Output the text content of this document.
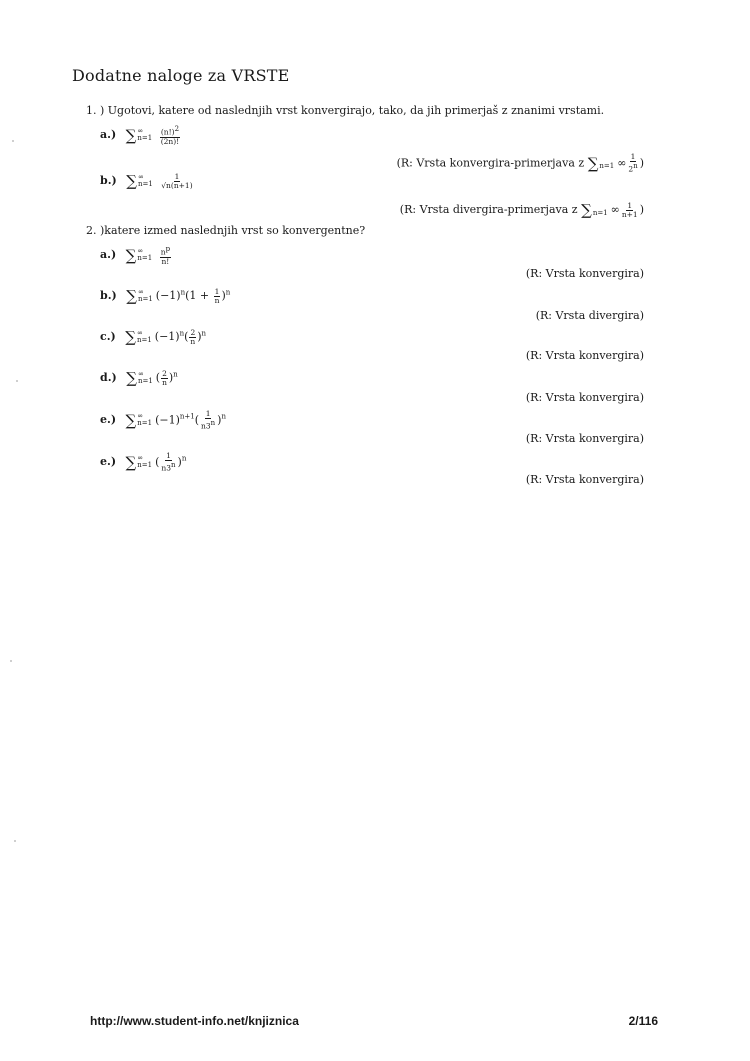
Dodatne naloge za VRSTE
1. ) Ugotovi, katere od naslednjih vrst konvergirajo, tako, da jih primerjaš z znanimi vrstami.
a.) ∑ ∞
n=1
$\frac{(n!)^2}{(2n)!}$
(R: Vrsta konvergira-primerjava z ∑
n=1 ∞ $\frac{1}{2^n}$ )
b.) ∑ ∞
n=1
$\frac{1}{√n(n+1)}$
(R: Vrsta divergira-primerjava z ∑
n=1 ∞ $\frac{1}{n+1}$ )
2. )katere izmed naslednjih vrst so konvergentne?
a.) ∑ ∞
n=1
$\frac{n^p}{n!}$
(R: Vrsta konvergira)
b.) ∑ ∞
n=1 $(-1)^n(1 + \frac{1}{n} )^n$
(R: Vrsta divergira)
c.) ∑ ∞
n=1 $(-1)^n( \frac{2}{n} )^n$
(R: Vrsta konvergira)
d.) ∑ ∞
n=1 ( $\frac{2}{n} )^n$
(R: Vrsta konvergira)
e.) ∑ ∞
n=1 $(-1)^{n+1}( \frac{1}{n3^n} )^n$
(R: Vrsta konvergira)
e.) ∑ ∞
n=1 ( $\frac{1}{n3^n} )^n$
(R: Vrsta konvergira)
http://www.student-info.net/knjiznica	2/116
